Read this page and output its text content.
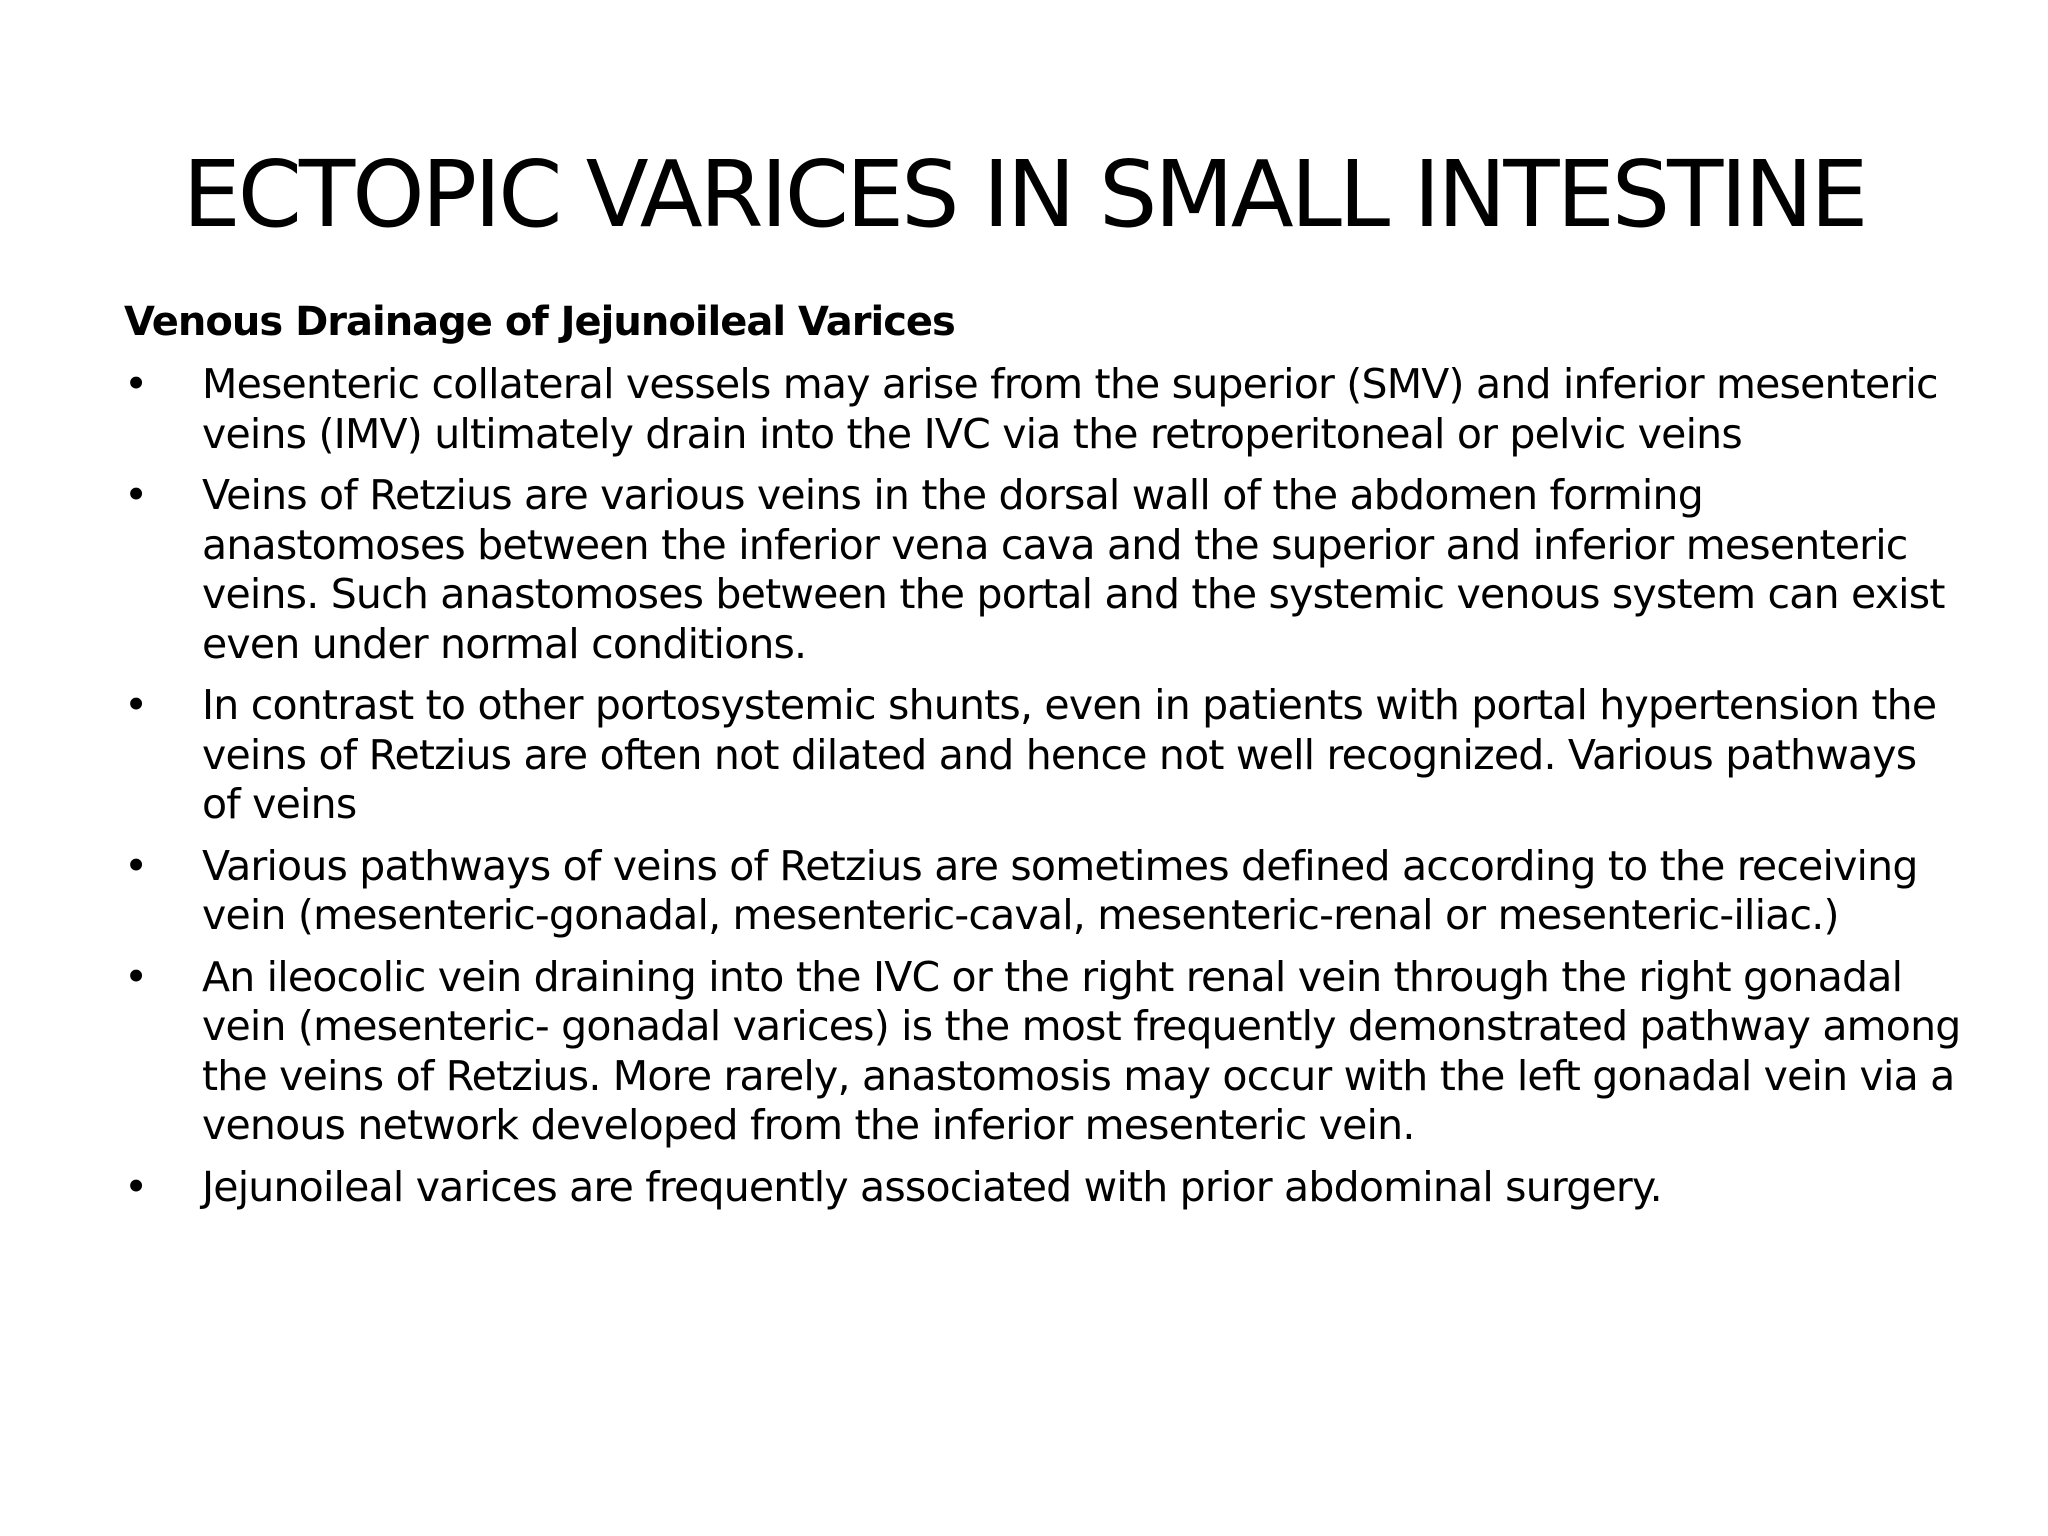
ECTOPIC VARICES IN SMALL INTESTINE

Venous Drainage of Jejunoileal Varices

•	Mesenteric collateral vessels may arise from the superior (SMV) and inferior mesenteric veins (IMV) ultimately drain into the IVC via the retroperitoneal or pelvic veins
•	Veins of Retzius are various veins in the dorsal wall of the abdomen forming anastomoses between the inferior vena cava and the superior and inferior mesenteric veins. Such anastomoses between the portal and the systemic venous system can exist even under normal conditions.
•	In contrast to other portosystemic shunts, even in patients with portal hypertension the veins of Retzius are often not dilated and hence not well recognized. Various pathways of veins
•	Various pathways of veins of Retzius are sometimes defined according to the receiving vein (mesenteric-gonadal, mesenteric-caval, mesenteric-renal or mesenteric-iliac.)
•	An ileocolic vein draining into the IVC or the right renal vein through the right gonadal vein (mesenteric- gonadal varices) is the most frequently demonstrated pathway among the veins of Retzius. More rarely, anastomosis may occur with the left gonadal vein via a venous network developed from the inferior mesenteric vein.
•	Jejunoileal varices are frequently associated with prior abdominal surgery.
